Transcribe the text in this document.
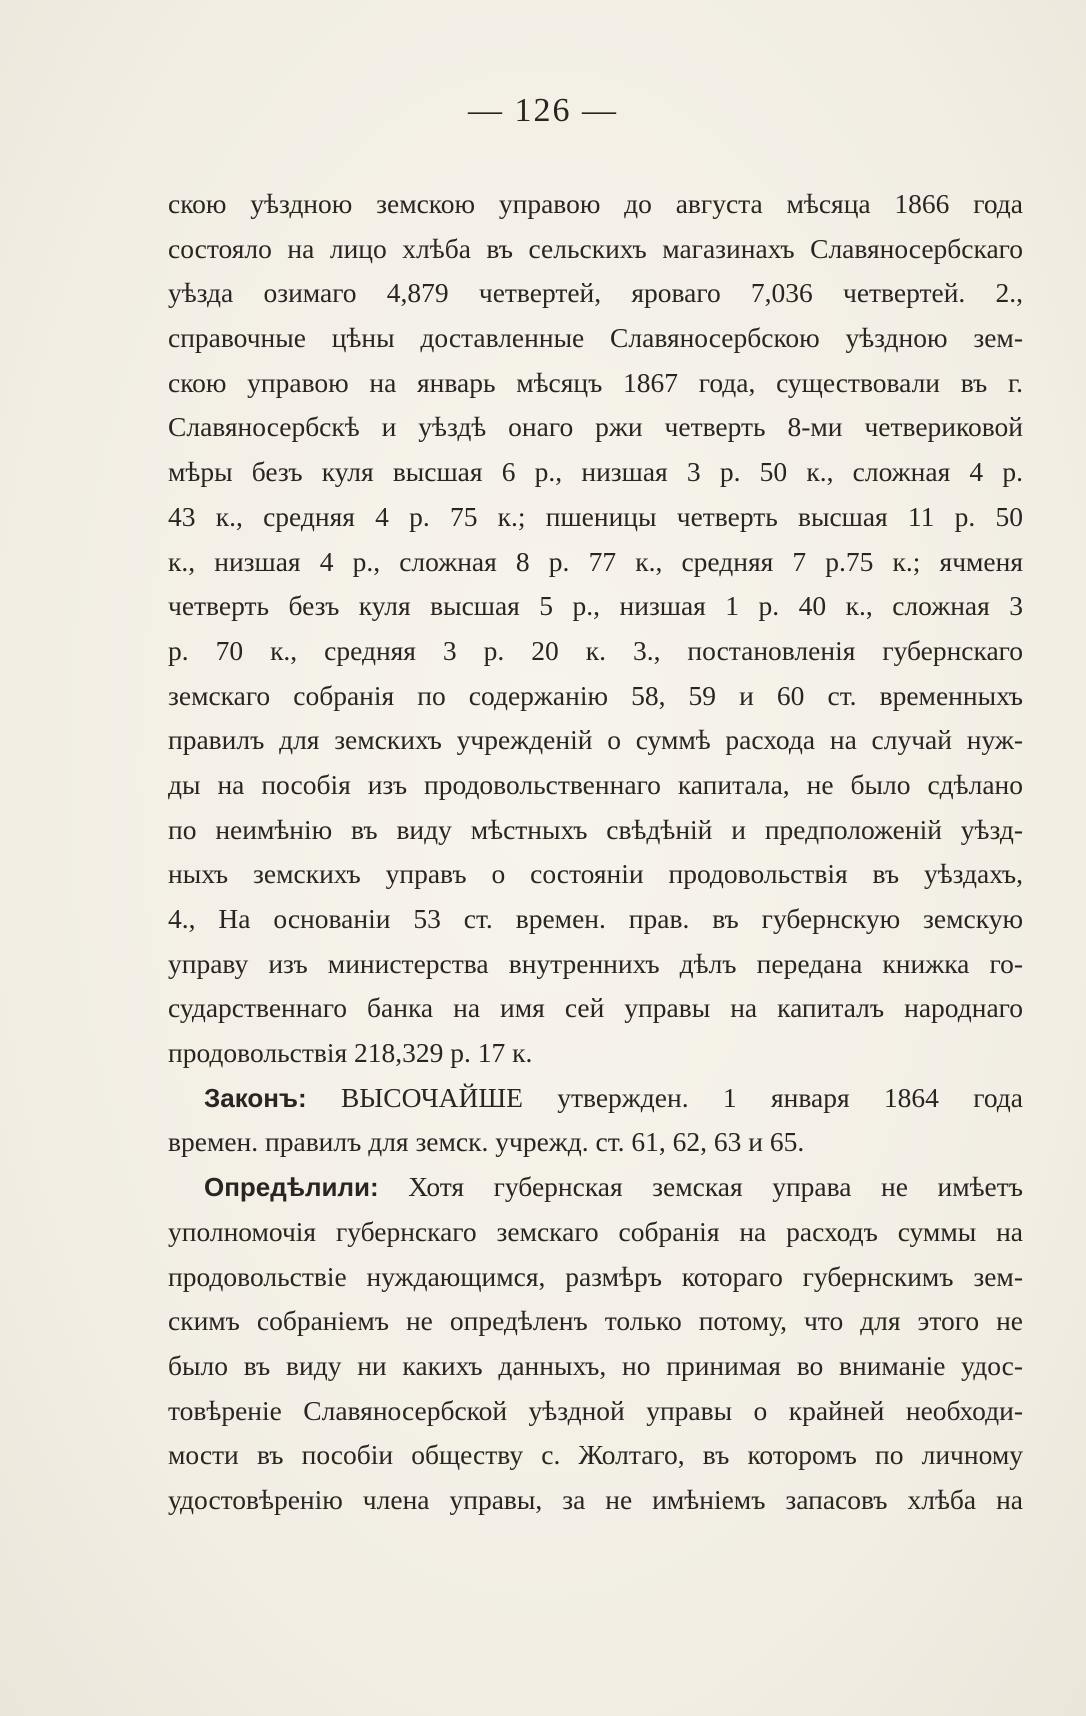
— 126 —
скою уѣздною земскою управою до августа мѣсяца 1866 года
состояло на лицо хлѣба въ сельскихъ магазинахъ Славяносербскаго
уѣзда озимаго 4,879 четвертей, яроваго 7,036 четвертей. 2.,
справочные цѣны доставленные Славяносербскою уѣздною зем-
скою управою на январь мѣсяцъ 1867 года, существовали въ г.
Славяносербскѣ и уѣздѣ онаго ржи четверть 8-ми четвериковой
мѣры безъ куля высшая 6 р., низшая 3 р. 50 к., сложная 4 р.
43 к., средняя 4 р. 75 к.; пшеницы четверть высшая 11 р. 50
к., низшая 4 р., сложная 8 р. 77 к., средняя 7 р.75 к.; ячменя
четверть безъ куля высшая 5 р., низшая 1 р. 40 к., сложная 3
р. 70 к., средняя 3 р. 20 к. 3., постановленія губернскаго
земскаго собранія по содержанію 58, 59 и 60 ст. временныхъ
правилъ для земскихъ учрежденій о суммѣ расхода на случай нуж-
ды на пособія изъ продовольственнаго капитала, не было сдѣлано
по неимѣнію въ виду мѣстныхъ свѣдѣній и предположеній уѣзд-
ныхъ земскихъ управъ о состояніи продовольствія въ уѣздахъ,
4., На основаніи 53 ст. времен. прав. въ губернскую земскую
управу изъ министерства внутреннихъ дѣлъ передана книжка го-
сударственнаго банка на имя сей управы на капиталъ народнаго
продовольствія 218,329 р. 17 к.
Законъ: ВЫСОЧАЙШЕ утвержден. 1 января 1864 года
времен. правилъ для земск. учрежд. ст. 61, 62, 63 и 65.
Опредѣлили: Хотя губернская земская управа не имѣетъ
уполномочія губернскаго земскаго собранія на расходъ суммы на
продовольствіе нуждающимся, размѣръ котораго губернскимъ зем-
скимъ собраніемъ не опредѣленъ только потому, что для этого не
было въ виду ни какихъ данныхъ, но принимая во вниманіе удос-
товѣреніе Славяносербской уѣздной управы о крайней необходи-
мости въ пособіи обществу с. Жолтаго, въ которомъ по личному
удостовѣренію члена управы, за не имѣніемъ запасовъ хлѣба на
